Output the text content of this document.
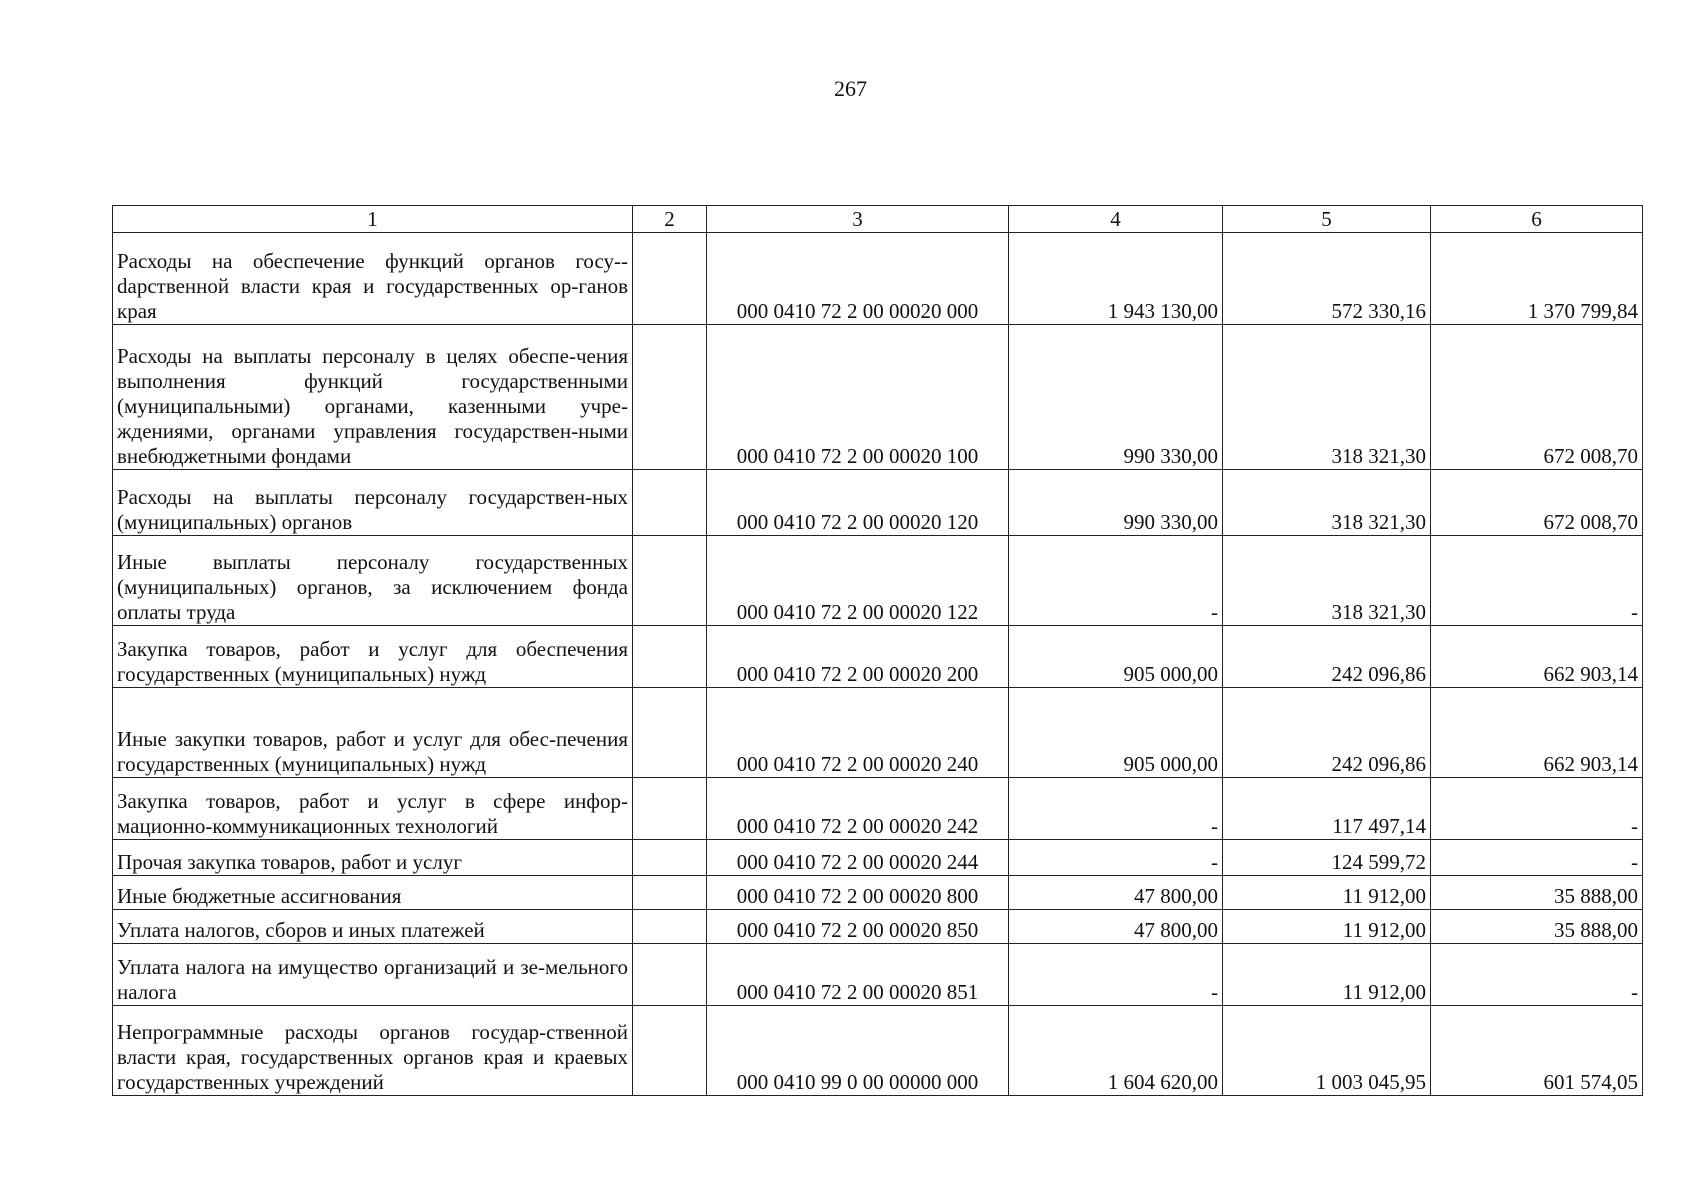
267
1	2	3	4	5	6
Расходы на обеспечение функций органов госу-dарственной власти края и государственных ор-ганов края		000 0410 72 2 00 00020 000	1 943 130,00	572 330,16	1 370 799,84
Расходы на выплаты персоналу в целях обеспе-чения выполнения функций государственными (муниципальными) органами, казенными учре-ждениями, органами управления государствен-ными внебюджетными фондами		000 0410 72 2 00 00020 100	990 330,00	318 321,30	672 008,70
Расходы на выплаты персоналу государствен-ных (муниципальных) органов		000 0410 72 2 00 00020 120	990 330,00	318 321,30	672 008,70
Иные выплаты персоналу государственных (муниципальных) органов, за исключением фонда оплаты труда		000 0410 72 2 00 00020 122	-	318 321,30	-
Закупка товаров, работ и услуг для обеспечения государственных (муниципальных) нужд		000 0410 72 2 00 00020 200	905 000,00	242 096,86	662 903,14
Иные закупки товаров, работ и услуг для обес-печения государственных (муниципальных) нужд		000 0410 72 2 00 00020 240	905 000,00	242 096,86	662 903,14
Закупка товаров, работ и услуг в сфере инфор-мационно-коммуникационных технологий		000 0410 72 2 00 00020 242	-	117 497,14	-
Прочая закупка товаров, работ и услуг		000 0410 72 2 00 00020 244	-	124 599,72	-
Иные бюджетные ассигнования		000 0410 72 2 00 00020 800	47 800,00	11 912,00	35 888,00
Уплата налогов, сборов и иных платежей		000 0410 72 2 00 00020 850	47 800,00	11 912,00	35 888,00
Уплата налога на имущество организаций и зе-мельного налога		000 0410 72 2 00 00020 851	-	11 912,00	-
Непрограммные расходы органов государ-ственной власти края, государственных органов края и краевых государственных учреждений		000 0410 99 0 00 00000 000	1 604 620,00	1 003 045,95	601 574,05
